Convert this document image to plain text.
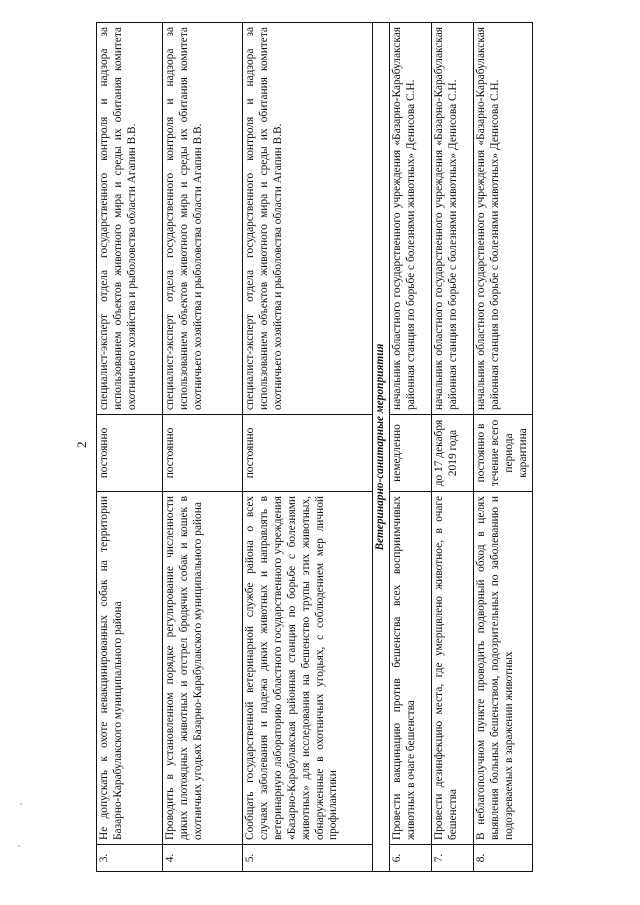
2
3.	Не допускать к охоте невакцинированных собак на территории Базарно-Карабулакского муниципального района	постоянно	специалист-эксперт отдела государственного контроля и надзора за использованием объектов животного мира и среды их обитания комитета охотничьего хозяйства и рыболовства области Агапин В.В.
4.	Проводить в установленном порядке регулирование численности диких плотоядных животных и отстрел бродячих собак и кошек в охотничьих угодьях Базарно-Карабулакского муниципального района	постоянно	специалист-эксперт отдела государственного контроля и надзора за использованием объектов животного мира и среды их обитания комитета охотничьего хозяйства и рыболовства области Агапин В.В.
5.	Сообщать государственной ветеринарной службе района о всех случаях заболевания и падежа диких животных и направлять в ветеринарную лабораторию областного государственного учреждения «Базарно-Карабулакская районная станция по борьбе с болезнями животных» для исследования на бешенство трупы этих животных, обнаруженные в охотничьих угодьях, с соблюдением мер личной профилактики	постоянно	специалист-эксперт отдела государственного контроля и надзора за использованием объектов животного мира и среды их обитания комитета охотничьего хозяйства и рыболовства области Агапин В.В.
Ветеринарно-санитарные мероприятия			
6.	Провести вакцинацию против бешенства всех восприимчивых животных в очаге бешенства	немедленно	начальник областного государственного учреждения «Базарно-Карабулакская районная станция по борьбе с болезнями животных» Денисова С.Н.
7.	Провести дезинфекцию места, где умерщвлено животное, в очаге бешенства	до 17 декабря 2019 года	начальник областного государственного учреждения «Базарно-Карабулакская районная станция по борьбе с болезнями животных» Денисова С.Н.
8.	В неблагополучном пункте проводить подворный обход в целях выявления больных бешенством, подозрительных по заболеванию и подозреваемых в заражении животных	постоянно в течение всего периода карантина	начальник областного государственного учреждения «Базарно-Карабулакская районная станция по борьбе с болезнями животных» Денисова С.Н.
